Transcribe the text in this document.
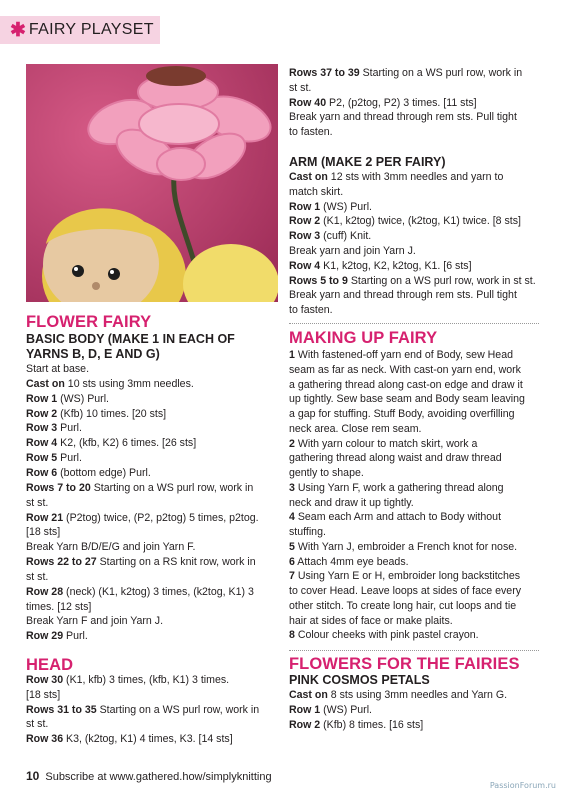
✱ FAIRY PLAYSET
FLOWER FAIRY

BASIC BODY (MAKE 1 IN EACH OF

YARNS B, D, E AND G)

Start at base.

Cast on 10 sts using 3mm needles.

Row 1 (WS) Purl.

Row 2 (Kfb) 10 times. [20 sts]

Row 3 Purl.

Row 4 K2, (kfb, K2) 6 times. [26 sts]

Row 5 Purl.

Row 6 (bottom edge) Purl.

Rows 7 to 20 Starting on a WS purl row, work in

st st.

Row 21 (P2tog) twice, (P2, p2tog) 5 times, p2tog.

[18 sts]

Break Yarn B/D/E/G and join Yarn F.

Rows 22 to 27 Starting on a RS knit row, work in

st st.

Row 28 (neck) (K1, k2tog) 3 times, (k2tog, K1) 3

times. [12 sts]

Break Yarn F and join Yarn J.

Row 29 Purl.

HEAD

Row 30 (K1, kfb) 3 times, (kfb, K1) 3 times.

[18 sts]

Rows 31 to 35 Starting on a WS purl row, work in

st st.

Row 36 K3, (k2tog, K1) 4 times, K3. [14 sts]

Rows 37 to 39 Starting on a WS purl row, work in

st st.

Row 40 P2, (p2tog, P2) 3 times. [11 sts]

Break yarn and thread through rem sts. Pull tight

to fasten.

ARM (MAKE 2 PER FAIRY)

Cast on 12 sts with 3mm needles and yarn to

match skirt.

Row 1 (WS) Purl.

Row 2 (K1, k2tog) twice, (k2tog, K1) twice. [8 sts]

Row 3 (cuff) Knit.

Break yarn and join Yarn J.

Row 4 K1, k2tog, K2, k2tog, K1. [6 sts]

Rows 5 to 9 Starting on a WS purl row, work in st st.

Break yarn and thread through rem sts. Pull tight

to fasten.

MAKING UP FAIRY

1 With fastened-off yarn end of Body, sew Head

seam as far as neck. With cast-on yarn end, work

a gathering thread along cast-on edge and draw it

up tightly. Sew base seam and Body seam leaving

a gap for stuffing. Stuff Body, avoiding overfilling

neck area. Close rem seam.

2 With yarn colour to match skirt, work a

gathering thread along waist and draw thread

gently to shape.

3 Using Yarn F, work a gathering thread along

neck and draw it up tightly.

4 Seam each Arm and attach to Body without

stuffing.

5 With Yarn J, embroider a French knot for nose.

6 Attach 4mm eye beads.

7 Using Yarn E or H, embroider long backstitches

to cover Head. Leave loops at sides of face every

other stitch. To create long hair, cut loops and tie

hair at sides of face or make plaits.

8 Colour cheeks with pink pastel crayon.

FLOWERS FOR THE FAIRIES

PINK COSMOS PETALS

Cast on 8 sts using 3mm needles and Yarn G.

Row 1 (WS) Purl.

Row 2 (Kfb) 8 times. [16 sts]

10 Subscribe at www.gathered.how/simplyknitting
PassionForum.ru
